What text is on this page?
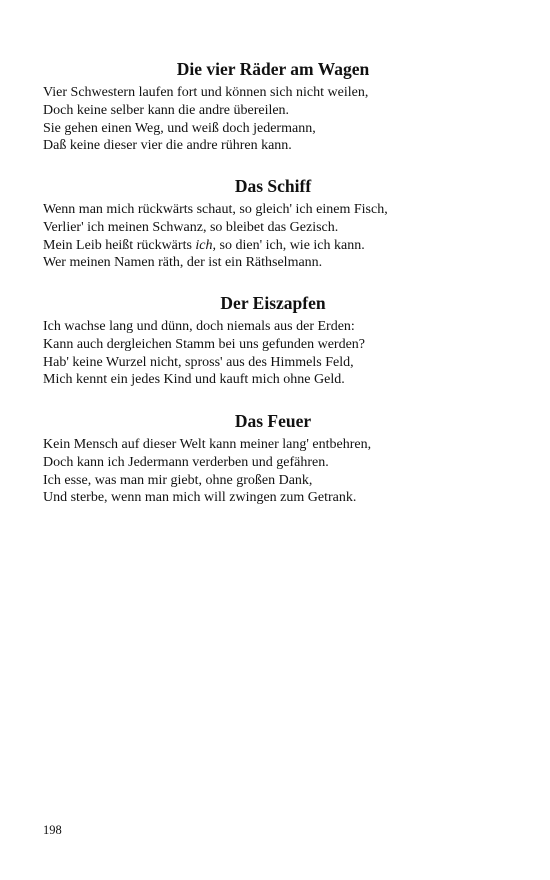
Die vier Räder am Wagen
Vier Schwestern laufen fort und können sich nicht weilen,
Doch keine selber kann die andre übereilen.
Sie gehen einen Weg, und weiß doch jedermann,
Daß keine dieser vier die andre rühren kann.
Das Schiff
Wenn man mich rückwärts schaut, so gleich' ich einem Fisch,
Verlier' ich meinen Schwanz, so bleibet das Gezisch.
Mein Leib heißt rückwärts ich, so dien' ich, wie ich kann.
Wer meinen Namen räth, der ist ein Räthselmann.
Der Eiszapfen
Ich wachse lang und dünn, doch niemals aus der Erden:
Kann auch dergleichen Stamm bei uns gefunden werden?
Hab' keine Wurzel nicht, spross' aus des Himmels Feld,
Mich kennt ein jedes Kind und kauft mich ohne Geld.
Das Feuer
Kein Mensch auf dieser Welt kann meiner lang' entbehren,
Doch kann ich Jedermann verderben und gefähren.
Ich esse, was man mir giebt, ohne großen Dank,
Und sterbe, wenn man mich will zwingen zum Getrank.
198
